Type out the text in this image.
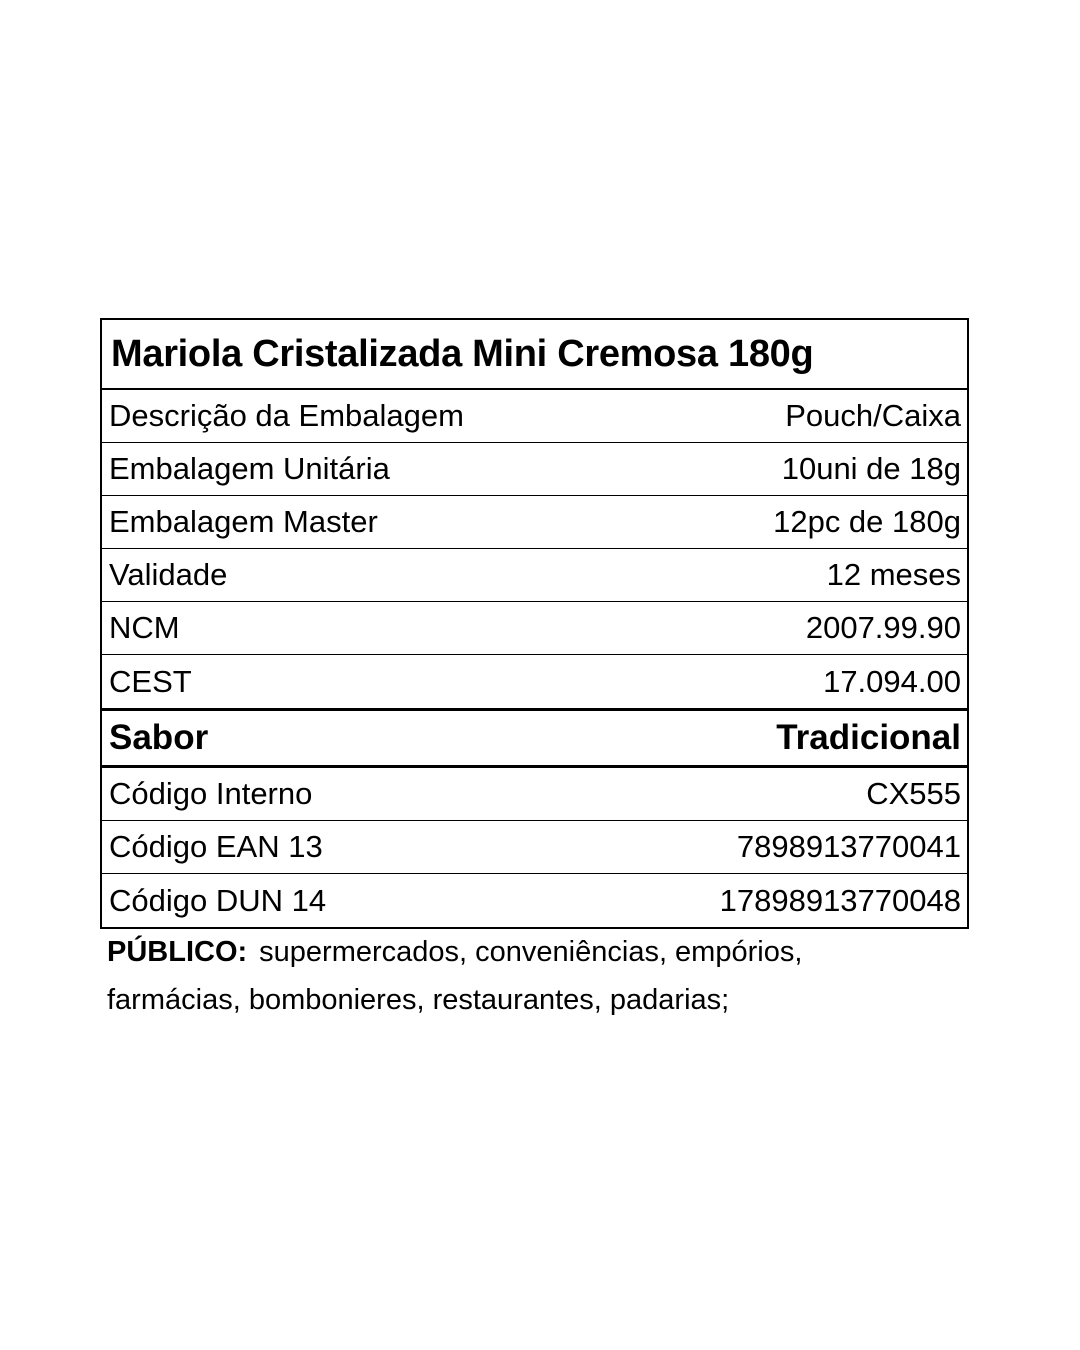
Mariola Cristalizada Mini Cremosa 180g
Descrição da Embalagem	Pouch/Caixa
Embalagem Unitária	10uni de 18g
Embalagem Master	12pc de 180g
Validade	12 meses
NCM	2007.99.90
CEST	17.094.00
Sabor	Tradicional
Código Interno	CX555
Código EAN 13	7898913770041
Código DUN 14	17898913770048
PÚBLICO: supermercados, conveniências, empórios, farmácias, bombonieres, restaurantes, padarias;
